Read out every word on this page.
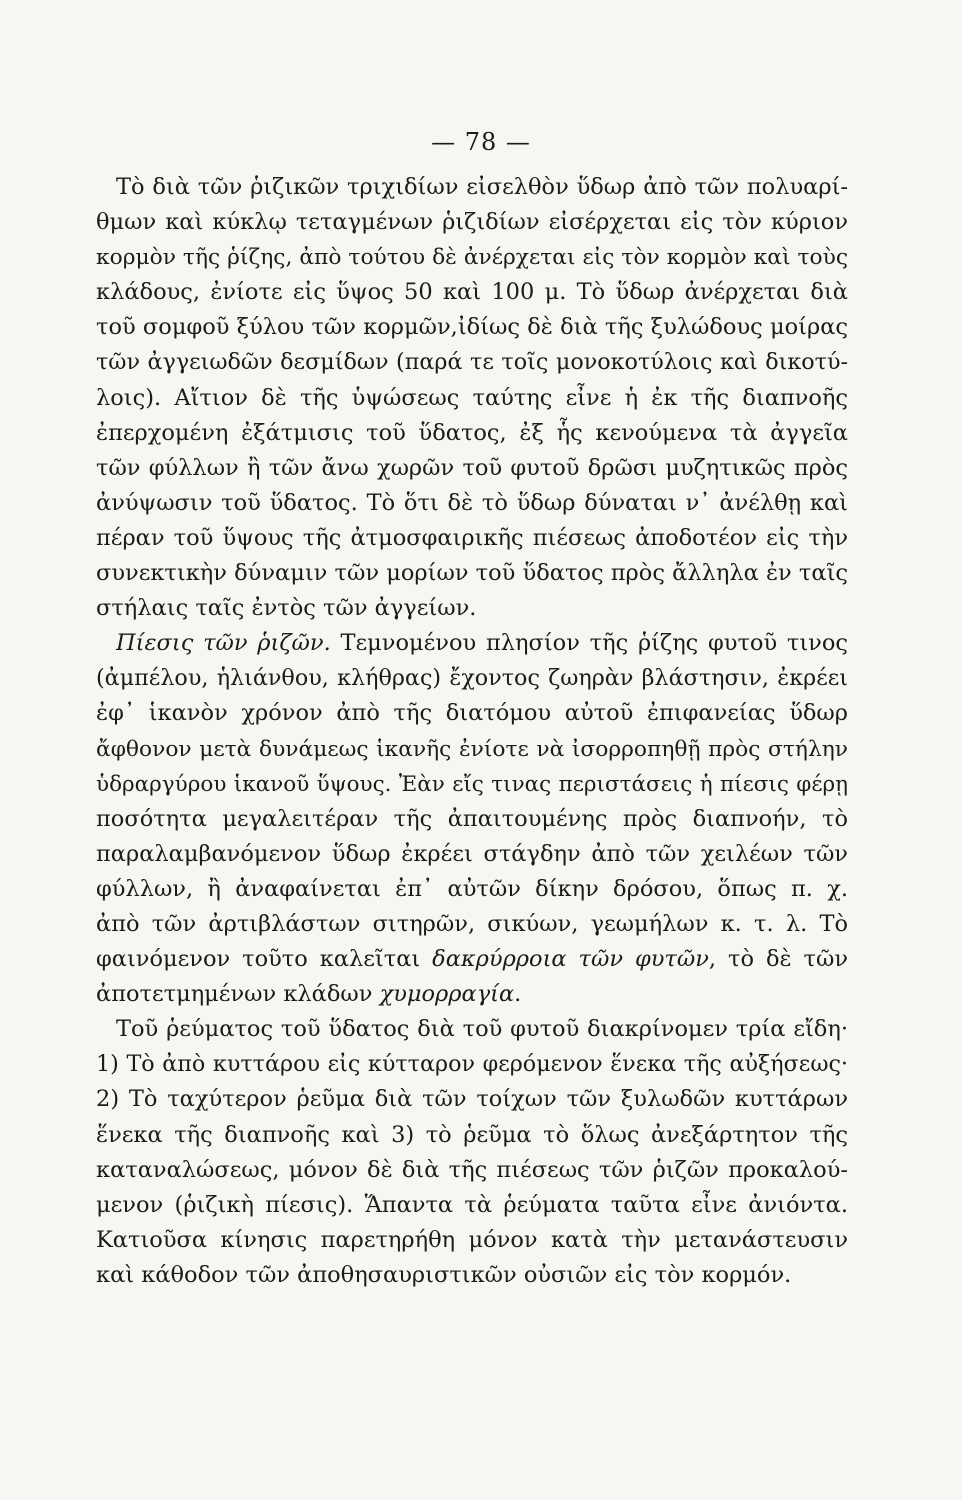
— 78 —
Τὸ διὰ τῶν ῥιζικῶν τριχιδίων εἰσελθὸν ὕδωρ ἀπὸ τῶν πολυαρί-
θμων καὶ κύκλῳ τεταγμένων ῥιζιδίων εἰσέρχεται εἰς τὸν κύριον
κορμὸν τῆς ῥίζης, ἀπὸ τούτου δὲ ἀνέρχεται εἰς τὸν κορμὸν καὶ τοὺς
κλάδους, ἐνίοτε εἰς ὕψος 50 καὶ 100 μ. Τὸ ὕδωρ ἀνέρχεται διὰ
τοῦ σομφοῦ ξύλου τῶν κορμῶν,ἰδίως δὲ διὰ τῆς ξυλώδους μοίρας
τῶν ἀγγειωδῶν δεσμίδων (παρά τε τοῖς μονοκοτύλοις καὶ δικοτύ-
λοις). Αἴτιον δὲ τῆς ὑψώσεως ταύτης εἶνε ἡ ἐκ τῆς διαπνοῆς
ἐπερχομένη ἐξάτμισις τοῦ ὕδατος, ἐξ ἧς κενούμενα τὰ ἀγγεῖα
τῶν φύλλων ἢ τῶν ἄνω χωρῶν τοῦ φυτοῦ δρῶσι μυζητικῶς πρὸς
ἀνύψωσιν τοῦ ὕδατος. Τὸ ὅτι δὲ τὸ ὕδωρ δύναται ν᾽ ἀνέλθῃ καὶ
πέραν τοῦ ὕψους τῆς ἀτμοσφαιρικῆς πιέσεως ἀποδοτέον εἰς τὴν
συνεκτικὴν δύναμιν τῶν μορίων τοῦ ὕδατος πρὸς ἄλληλα ἐν ταῖς
στήλαις ταῖς ἐντὸς τῶν ἀγγείων.
Πίεσις τῶν ῥιζῶν. Τεμνομένου πλησίον τῆς ῥίζης φυτοῦ τινος
(ἀμπέλου, ἡλιάνθου, κλήθρας) ἔχοντος ζωηρὰν βλάστησιν, ἐκρέει
ἐφ᾽ ἱκανὸν χρόνον ἀπὸ τῆς διατόμου αὐτοῦ ἐπιφανείας ὕδωρ
ἄφθονον μετὰ δυνάμεως ἱκανῆς ἐνίοτε νὰ ἰσορροπηθῇ πρὸς στήλην
ὑδραργύρου ἱκανοῦ ὕψους. Ἐὰν εἴς τινας περιστάσεις ἡ πίεσις φέρῃ
ποσότητα μεγαλειτέραν τῆς ἀπαιτουμένης πρὸς διαπνοήν, τὸ
παραλαμβανόμενον ὕδωρ ἐκρέει στάγδην ἀπὸ τῶν χειλέων τῶν
φύλλων, ἢ ἀναφαίνεται ἐπ᾽ αὐτῶν δίκην δρόσου, ὅπως π. χ.
ἀπὸ τῶν ἀρτιβλάστων σιτηρῶν, σικύων, γεωμήλων κ. τ. λ. Τὸ
φαινόμενον τοῦτο καλεῖται δακρύρροια τῶν φυτῶν, τὸ δὲ τῶν
ἀποτετμημένων κλάδων χυμορραγία.
Τοῦ ῥεύματος τοῦ ὕδατος διὰ τοῦ φυτοῦ διακρίνομεν τρία εἴδη·
1) Τὸ ἀπὸ κυττάρου εἰς κύτταρον φερόμενον ἕνεκα τῆς αὐξήσεως·
2) Τὸ ταχύτερον ῥεῦμα διὰ τῶν τοίχων τῶν ξυλωδῶν κυττάρων
ἕνεκα τῆς διαπνοῆς καὶ 3) τὸ ῥεῦμα τὸ ὅλως ἀνεξάρτητον τῆς
καταναλώσεως, μόνον δὲ διὰ τῆς πιέσεως τῶν ῥιζῶν προκαλού-
μενον (ῥιζικὴ πίεσις). Ἅπαντα τὰ ῥεύματα ταῦτα εἶνε ἀνιόντα.
Κατιοῦσα κίνησις παρετηρήθη μόνον κατὰ τὴν μετανάστευσιν
καὶ κάθοδον τῶν ἀποθησαυριστικῶν οὐσιῶν εἰς τὸν κορμόν.
